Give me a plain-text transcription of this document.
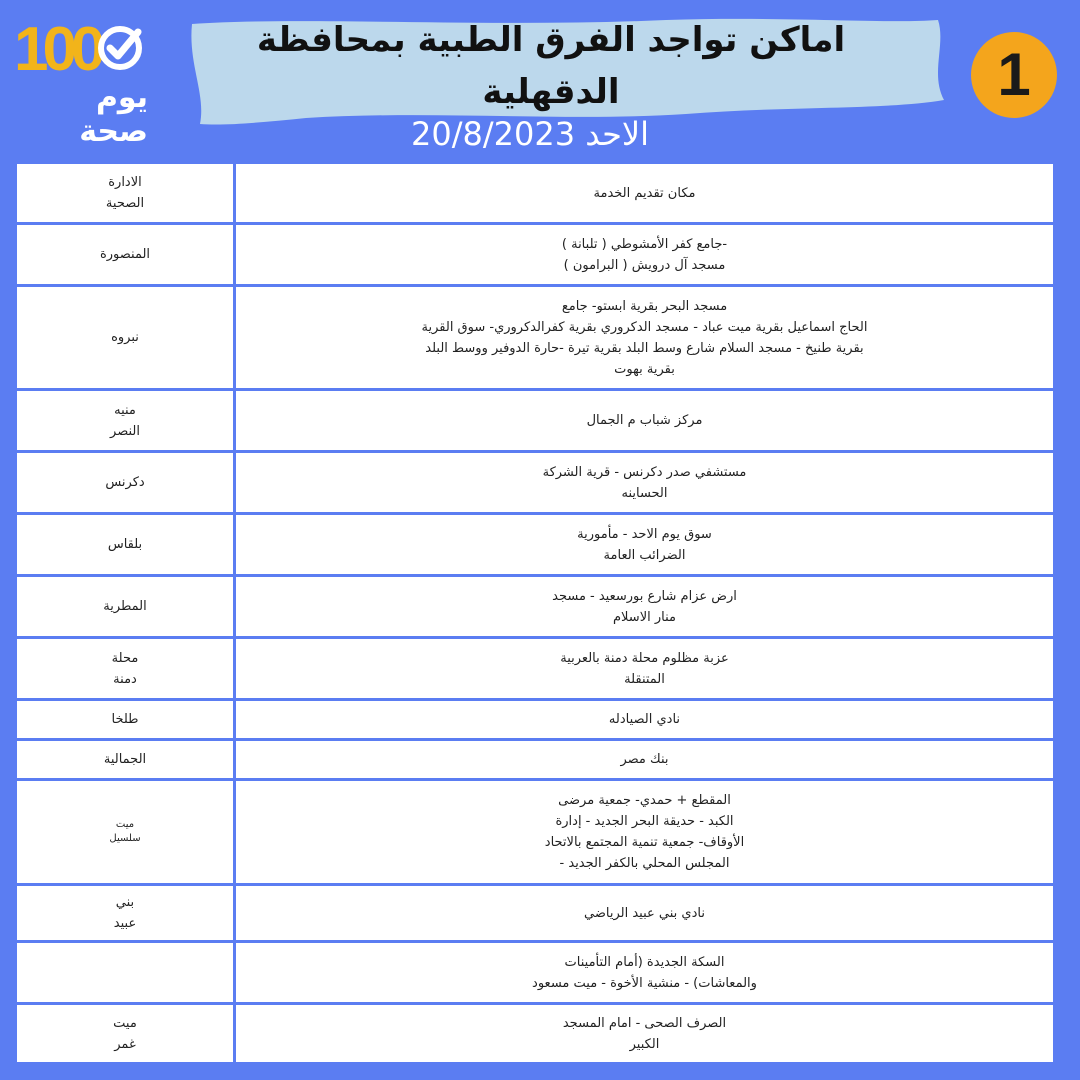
100
يوم
صحة
اماكن تواجد الفرق الطبية بمحافظة الدقهلية
الاحد 20/8/2023
1
الادارة
الصحية	مكان تقديم الخدمة
المنصورة	-جامع كفر الأمشوطي ( تلبانة )
مسجد آل درويش ( البرامون )
نبروه	مسجد البحر بقرية ابستو- جامع
الحاج اسماعيل بقرية ميت عباد - مسجد الدكروري بقرية كفرالدكروري- سوق القرية
بقرية طنيخ - مسجد السلام شارع وسط البلد بقرية تيرة -حارة الدوفير ووسط البلد
بقرية بهوت
منيه
النصر	مركز شباب م الجمال
دكرنس	مستشفي صدر دكرنس - قرية الشركة
الحساينه
بلقاس	سوق يوم الاحد - مأمورية
الضرائب العامة
المطرية	ارض عزام شارع بورسعيد - مسجد
منار الاسلام
محلة
دمنة	عزبة مظلوم محلة دمنة بالعربية
المتنقلة
طلخا	نادي الصيادله
الجمالية	بنك مصر
ميت
سلسيل	المقطع + حمدي- جمعية مرضى
الكبد - حديقة البحر الجديد - إدارة
الأوقاف- جمعية تنمية المجتمع بالاتحاد
المجلس المحلي بالكفر الجديد -
بني
عبيد	نادي بني عبيد الرياضي
	السكة الجديدة (أمام التأمينات
والمعاشات) - منشية الأخوة - ميت مسعود
ميت
غمر	الصرف الصحى - امام المسجد
الكبير
